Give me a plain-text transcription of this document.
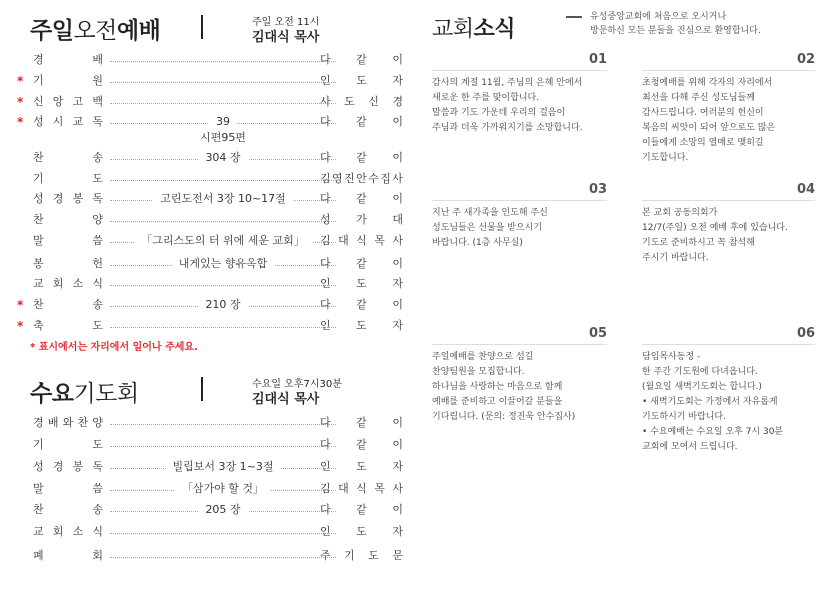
주일오전예배	주일 오전 11시
김대식 목사
경	배	다 같 이
* 기	원	인 도 자
* 신 앙 고 백	사 도 신 경
* 성 시 교 독	39	다 같 이
찬	송	304 장	다 같 이
기	도	김 영 진 안 수 집 사
성 경 봉 독	고린도전서 3장 10~17절	다 같 이
찬	양	성 가 대
말	씀	「그리스도의 터 위에 세운 교회」	김 대 식 목 사
봉	헌	내게있는 향유옥합	다 같 이
교 회 소 식	인 도 자
* 찬	송	210 장	다 같 이
* 축	도	인 도 자
시편95편
* 표시에서는 자리에서 일어나 주세요.
수요기도회	수요일 오후7시30분
김대식 목사
경 배 와 찬 양	다 같 이
기	도	다 같 이
성 경 봉 독	빌립보서 3장 1~3절	인 도 자
말	씀	「삼가야 할 것」	김 대 식 목 사
찬	송	205 장	다 같 이
교 회 소 식	인 도 자
폐	회	주 기 도 문
교회소식	유성중앙교회에 처음으로 오시거나
방문하신 모든 분들을 진심으로 환영합니다.
01
감사의 계절 11월, 주님의 은혜 안에서
새로운 한 주를 맞이합니다.
말씀과 기도 가운데 우리의 걸음이
주님과 더욱 가까워지기를 소망합니다.
02
초청예배를 위해 각자의 자리에서
최선을 다해 주신 성도님들께
감사드립니다. 여러분의 헌신이
복음의 씨앗이 되어 앞으로도 많은
이들에게 소망의 열매로 맺히길
기도합니다.
03
지난 주 새가족을 인도해 주신
성도님들은 선물을 받으시기
바랍니다. (1층 사무실)
04
본 교회 공동의회가
12/7(주일) 오전 예배 후에 있습니다.
기도로 준비하시고 꼭 참석해
주시기 바랍니다.
05
주일예배를 찬양으로 섬길
찬양팀원을 모집합니다.
하나님을 사랑하는 마음으로 함께
예배를 준비하고 이끌어갈 분들을
기다립니다. (문의: 정진욱 안수집사)
06
담임목사동정 -
한 주간 기도원에 다녀옵니다.
(월요일 새벽기도회는 합니다.)
• 새벽기도회는 가정에서 자유롭게
기도하시기 바랍니다.
• 수요예배는 수요일 오후 7시 30분
교회에 모여서 드립니다.
